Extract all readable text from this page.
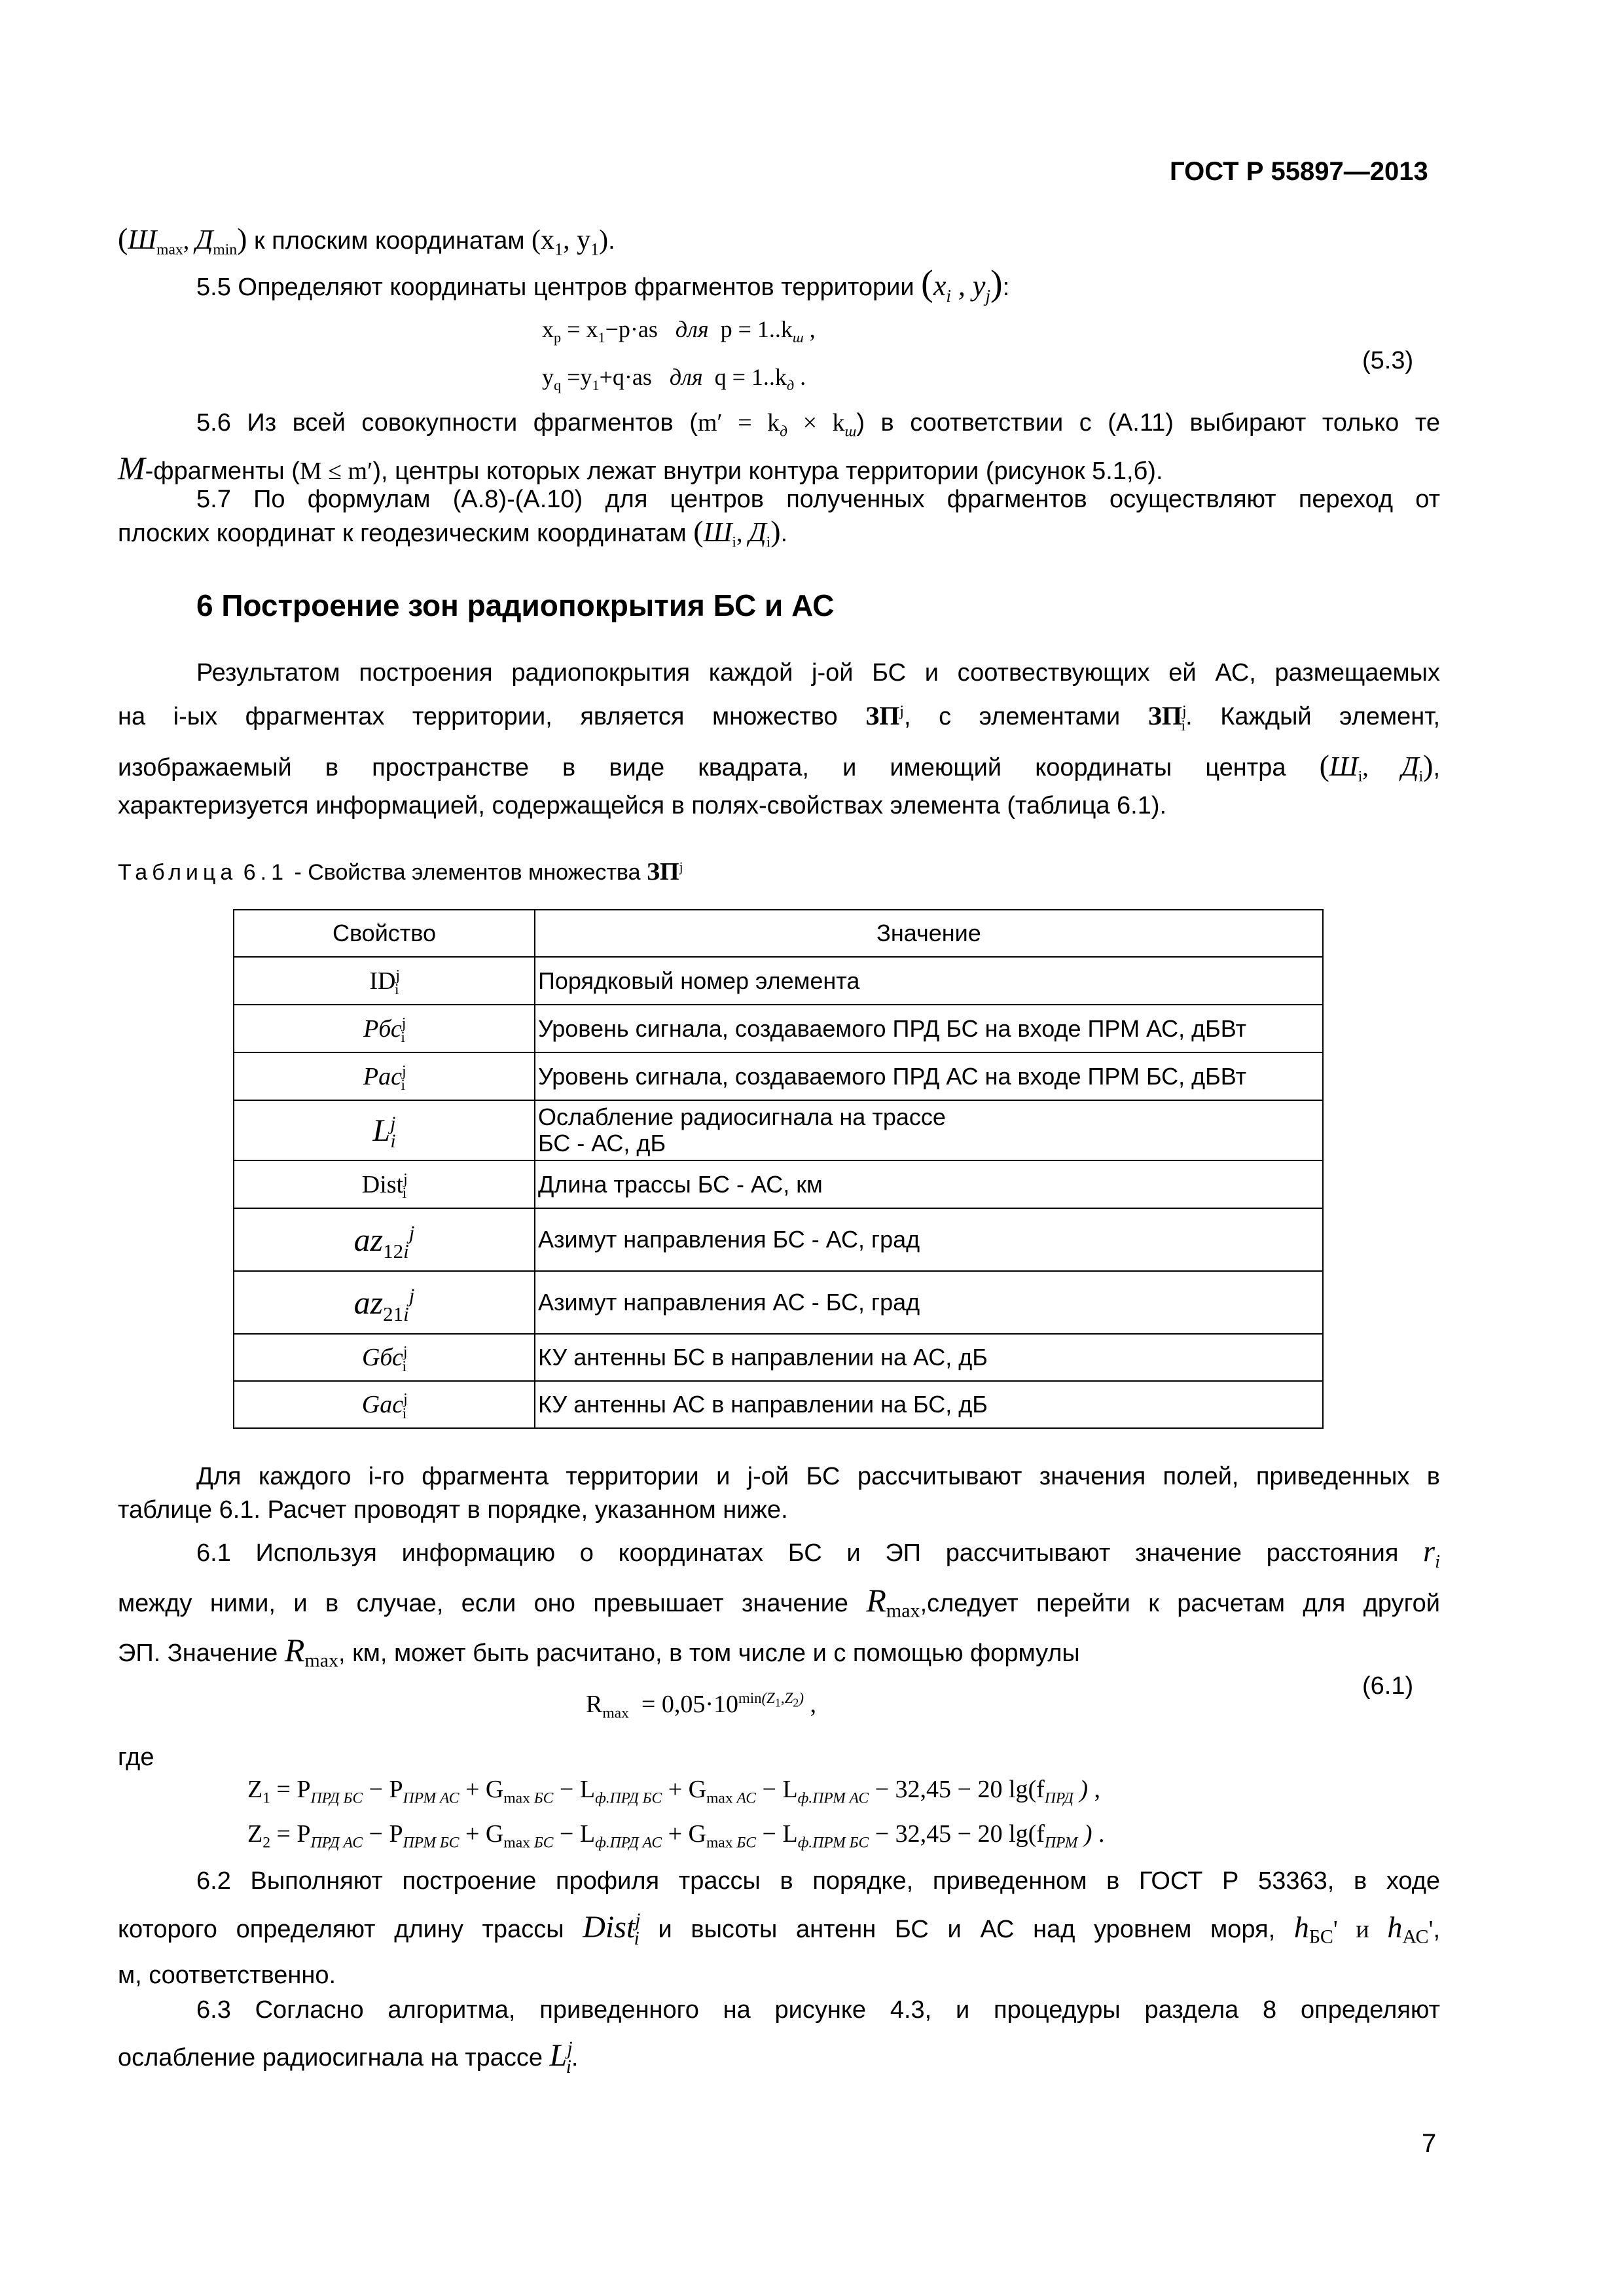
ГОСТ Р 55897—2013
($Ш_{max}$, $Д_{min}$) к плоским координатам ($x_1$, $y_1$).
5.5 Определяют координаты центров фрагментов территории ($x_i$ , $y_j$):
$x_p = x_1-p\cdot as$   для  $p = 1..k_ш$ ,
$y_q =y_1+q\cdot as$   для  $q = 1..k_д$ .
(5.3)
5.6 Из всей совокупности фрагментов $(m' = k_д \times k_ш)$ в соответствии с (А.11) выбирают только те
M-фрагменты (M ≤ m′), центры которых лежат внутри контура территории (рисунок 5.1,б).
5.7 По формулам (А.8)-(А.10) для центров полученных фрагментов осуществляют переход от
плоских координат к геодезическим координатам ($Ш_i$, $Д_i$).
6 Построение зон радиопокрытия БС и АС
Результатом построения радиопокрытия каждой j-ой БС и соотвествующих ей АС, размещаемых
на i-ых фрагментах территории, является множество $ЗП^j$, с элементами $ЗП^j_i$. Каждый элемент,
изображаемый в пространстве в виде квадрата, и имеющий координаты центра ($Ш_i$, $Д_i$),
характеризуется информацией, содержащейся в полях-свойствах элемента (таблица 6.1).
Таблица 6.1 - Свойства элементов множества $ЗП^j$
Свойство	Значение
$ID^j_i$	Порядковый номер элемента
Pбс$^j_i$	Уровень сигнала, создаваемого ПРД БС на входе ПРМ АС, дБВт
Pас$^j_i$	Уровень сигнала, создаваемого ПРД АС на входе ПРМ БС, дБВт
$L^j_i$	Ослабление радиосигнала на трассе
БС - АС, дБ

Dist$^j_i$	Длина трассы БС - АС, км
$az_{12i}^j$	Азимут направления БС - АС, град
$az_{21i}^j$	Азимут направления АС - БС, град
Gбс$^j_i$	КУ антенны БС в направлении на АС, дБ
Gас$^j_i$	КУ антенны АС в направлении на БС, дБ
Для каждого i-го фрагмента территории и j-ой БС рассчитывают значения полей, приведенных в
таблице 6.1. Расчет проводят в порядке, указанном ниже.
6.1 Используя информацию о координатах БС и ЭП рассчитывают значение расстояния $r_i$
между ними, и в случае, если оно превышает значение $R_{max},следует$ перейти к расчетам для другой
ЭП. Значение $R_{max}$, км, может быть расчитано, в том числе и с помощью формулы
$R_{max} = 0,05\cdot 10^{min(Z_1,Z_2)}$ ,
(6.1)
где
$Z_1 = P_{ПРД БС} - P_{ПРМ АС} + G_{max БС} - L_{ф.ПРД БС} + G_{max АС} - L_{ф.ПРМ АС} - 32,45 - 20$ $\lg(f_{ПРД}$ ) ,
$Z_2 = P_{ПРД АС} - P_{ПРМ БС} + G_{max БС} - L_{ф.ПРД АС} + G_{max БС} - L_{ф.ПРМ БС} - 32,45 - 20$ $\lg(f_{ПРМ}$ ) .
6.2 Выполняют построение профиля трассы в порядке, приведенном в ГОСТ Р 53363, в ходе
которого определяют длину трассы Dist$^j_i$ и высоты антенн БС и АС над уровнем моря, $h_{БС}'$ и $h_{АС}'$,
м, соответственно.
6.3 Согласно алгоритма, приведенного на рисунке 4.3, и процедуры раздела 8 определяют
ослабление радиосигнала на трассе $L^j_i$.
7
